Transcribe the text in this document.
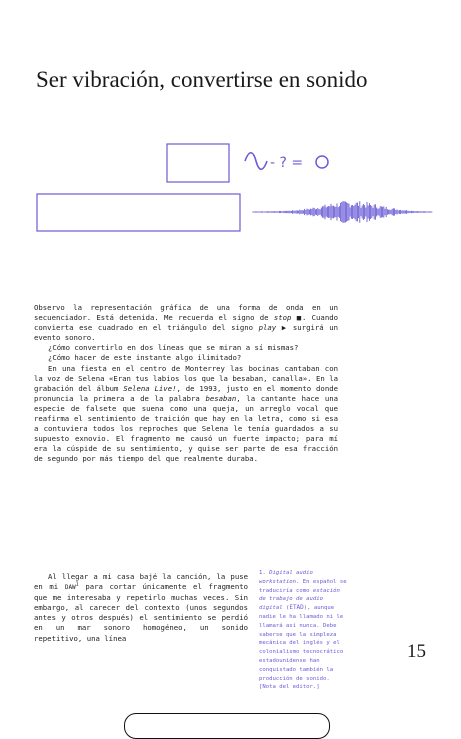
Ser vibración, convertirse en sonido
- ? =

Observo la representación gráfica de una forma de onda en un secuenciador. Está detenida. Me recuerda el signo de stop ■. Cuando convierta ese cuadrado en el triángulo del signo play ▶ surgirá un evento sonoro.

¿Cómo convertirlo en dos líneas que se miran a sí mismas?

¿Cómo hacer de este instante algo ilimitado?

En una fiesta en el centro de Monterrey las bocinas cantaban con la voz de Selena «Eran tus labios los que la besaban, canalla». En la grabación del álbum Selena Live!, de 1993, justo en el momento donde pronuncia la primera a de la palabra besaban, la cantante hace una especie de falsete que suena como una queja, un arreglo vocal que reafirma el sentimiento de traición que hay en la letra, como si esa a contuviera todos los reproches que Selena le tenía guardados a su supuesto exnovio. El fragmento me causó un fuerte impacto; para mí era la cúspide de su sentimiento, y quise ser parte de esa fracción de segundo por más tiempo del que realmente duraba.

Al llegar a mi casa bajé la canción, la puse en mi DAW$^1$ para cortar únicamente el fragmento que me interesaba y repetirlo muchas veces. Sin embargo, al carecer del contexto (unos segundos antes y otros después) el sentimiento se perdió en un mar sonoro homogéneo, un sonido repetitivo, una línea

1. Digital audio workstation. En español se traduciría como estación de trabajo de audio digital (ETAD), aunque nadie le ha llamado ni le llamará así nunca. Debe saberse que la simpleza mecánica del inglés y el colonialismo tecnocrático estadounidense han conquistado también la producción de sonido. [Nota del editor.]

15
